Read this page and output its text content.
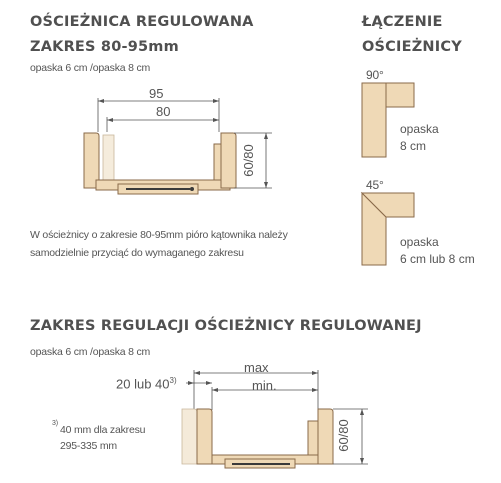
OŚCIEŻNICA REGULOWANA
ZAKRES 80-95mm
opaska 6 cm /opaska 8 cm
95
80
60/80
W ościeżnicy o zakresie 80-95mm pióro kątownika należy
samodzielnie przyciąć do wymaganego zakresu
ŁĄCZENIE
OŚCIEŻNICY
90°
opaska
8 cm
45°
opaska
6 cm lub 8 cm
ZAKRES REGULACJI OŚCIEŻNICY REGULOWANEJ
opaska 6 cm /opaska 8 cm
20 lub 40$^{3)}$
max
min.
60/80
3)
40 mm dla zakresu
295-335 mm
